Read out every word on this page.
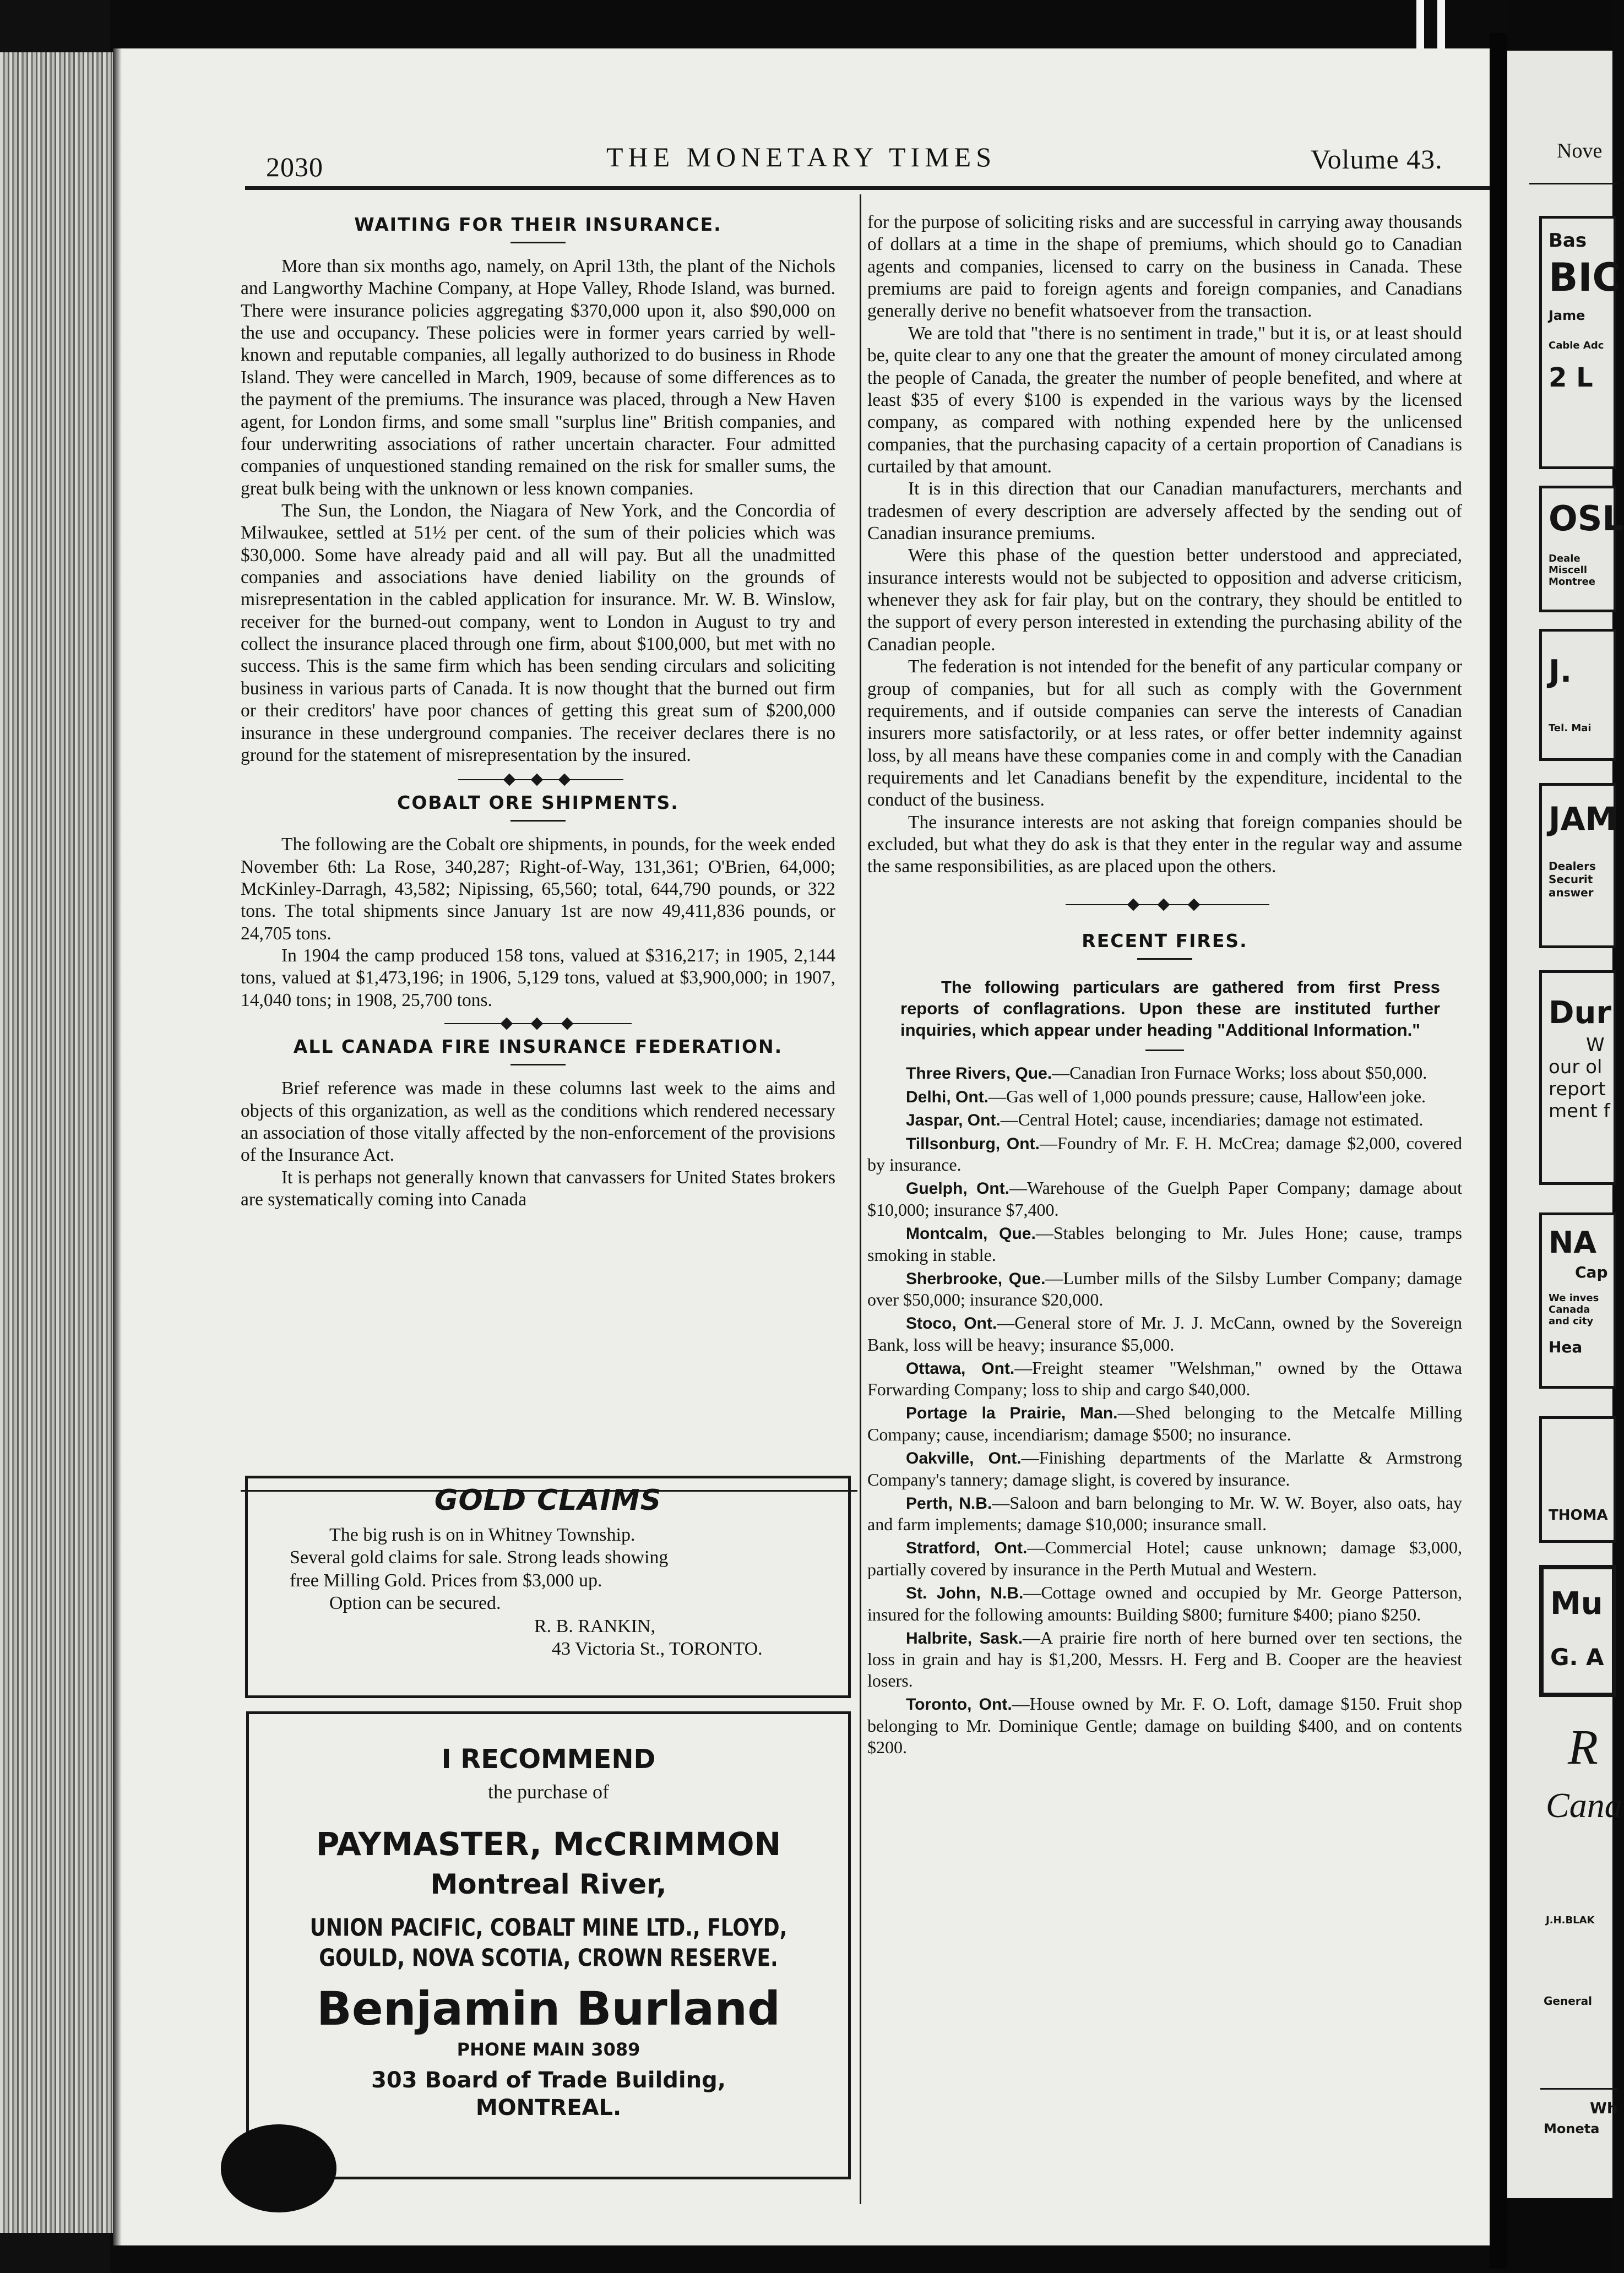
2030	THE MONETARY TIMES	Volume 43.
WAITING FOR THEIR INSURANCE.

More than six months ago, namely, on April 13th, the plant of the Nichols and Langworthy Machine Company, at Hope Valley, Rhode Island, was burned. There were insurance policies aggregating $370,000 upon it, also $90,000 on the use and occupancy. These policies were in former years carried by well-known and reputable companies, all legally authorized to do business in Rhode Island. They were cancelled in March, 1909, because of some differences as to the payment of the premiums. The insurance was placed, through a New Haven agent, for London firms, and some small "surplus line" British companies, and four underwriting associations of rather uncertain character. Four admitted companies of unquestioned standing remained on the risk for smaller sums, the great bulk being with the unknown or less known companies.

The Sun, the London, the Niagara of New York, and the Concordia of Milwaukee, settled at 51½ per cent. of the sum of their policies which was $30,000. Some have already paid and all will pay. But all the unadmitted companies and associations have denied liability on the grounds of misrepresentation in the cabled application for insurance. Mr. W. B. Winslow, receiver for the burned-out company, went to London in August to try and collect the insurance placed through one firm, about $100,000, but met with no success. This is the same firm which has been sending circulars and soliciting business in various parts of Canada. It is now thought that the burned out firm or their creditors' have poor chances of getting this great sum of $200,000 insurance in these underground companies. The receiver declares there is no ground for the statement of misrepresentation by the insured.

COBALT ORE SHIPMENTS.

The following are the Cobalt ore shipments, in pounds, for the week ended November 6th: La Rose, 340,287; Right-of-Way, 131,361; O'Brien, 64,000; McKinley-Darragh, 43,582; Nipissing, 65,560; total, 644,790 pounds, or 322 tons. The total shipments since January 1st are now 49,411,836 pounds, or 24,705 tons.

In 1904 the camp produced 158 tons, valued at $316,217; in 1905, 2,144 tons, valued at $1,473,196; in 1906, 5,129 tons, valued at $3,900,000; in 1907, 14,040 tons; in 1908, 25,700 tons.

ALL CANADA FIRE INSURANCE FEDERATION.

Brief reference was made in these columns last week to the aims and objects of this organization, as well as the conditions which rendered necessary an association of those vitally affected by the non-enforcement of the provisions of the Insurance Act.

It is perhaps not generally known that canvassers for United States brokers are systematically coming into Canada

GOLD CLAIMS
The big rush is on in Whitney Township.
Several gold claims for sale. Strong leads showing
free Milling Gold. Prices from $3,000 up.
Option can be secured.
R. B. RANKIN,
43 Victoria St., TORONTO.
I RECOMMEND
the purchase of
PAYMASTER, McCRIMMON
Montreal River,
UNION PACIFIC, COBALT MINE LTD., FLOYD,
GOULD, NOVA SCOTIA, CROWN RESERVE.
Benjamin Burland
PHONE MAIN 3089
303 Board of Trade Building,
MONTREAL.

for the purpose of soliciting risks and are successful in carrying away thousands of dollars at a time in the shape of premiums, which should go to Canadian agents and companies, licensed to carry on the business in Canada. These premiums are paid to foreign agents and foreign companies, and Canadians generally derive no benefit whatsoever from the transaction.

We are told that "there is no sentiment in trade," but it is, or at least should be, quite clear to any one that the greater the amount of money circulated among the people of Canada, the greater the number of people benefited, and where at least $35 of every $100 is expended in the various ways by the licensed company, as compared with nothing expended here by the unlicensed companies, that the purchasing capacity of a certain proportion of Canadians is curtailed by that amount.

It is in this direction that our Canadian manufacturers, merchants and tradesmen of every description are adversely affected by the sending out of Canadian insurance premiums.

Were this phase of the question better understood and appreciated, insurance interests would not be subjected to opposition and adverse criticism, whenever they ask for fair play, but on the contrary, they should be entitled to the support of every person interested in extending the purchasing ability of the Canadian people.

The federation is not intended for the benefit of any particular company or group of companies, but for all such as comply with the Government requirements, and if outside companies can serve the interests of Canadian insurers more satisfactorily, or at less rates, or offer better indemnity against loss, by all means have these companies come in and comply with the Canadian requirements and let Canadians benefit by the expenditure, incidental to the conduct of the business.

The insurance interests are not asking that foreign companies should be excluded, but what they do ask is that they enter in the regular way and assume the same responsibilities, as are placed upon the others.

RECENT FIRES.

The following particulars are gathered from first Press reports of conflagrations. Upon these are instituted further inquiries, which appear under heading "Additional Information."

Three Rivers, Que.—Canadian Iron Furnace Works; loss about $50,000.

Delhi, Ont.—Gas well of 1,000 pounds pressure; cause, Hallow'een joke.

Jaspar, Ont.—Central Hotel; cause, incendiaries; damage not estimated.

Tillsonburg, Ont.—Foundry of Mr. F. H. McCrea; damage $2,000, covered by insurance.

Guelph, Ont.—Warehouse of the Guelph Paper Company; damage about $10,000; insurance $7,400.

Montcalm, Que.—Stables belonging to Mr. Jules Hone; cause, tramps smoking in stable.

Sherbrooke, Que.—Lumber mills of the Silsby Lumber Company; damage over $50,000; insurance $20,000.

Stoco, Ont.—General store of Mr. J. J. McCann, owned by the Sovereign Bank, loss will be heavy; insurance $5,000.

Ottawa, Ont.—Freight steamer "Welshman," owned by the Ottawa Forwarding Company; loss to ship and cargo $40,000.

Portage la Prairie, Man.—Shed belonging to the Metcalfe Milling Company; cause, incendiarism; damage $500; no insurance.

Oakville, Ont.—Finishing departments of the Marlatte & Armstrong Company's tannery; damage slight, is covered by insurance.

Perth, N.B.—Saloon and barn belonging to Mr. W. W. Boyer, also oats, hay and farm implements; damage $10,000; insurance small.

Stratford, Ont.—Commercial Hotel; cause unknown; damage $3,000, partially covered by insurance in the Perth Mutual and Western.

St. John, N.B.—Cottage owned and occupied by Mr. George Patterson, insured for the following amounts: Building $800; furniture $400; piano $250.

Halbrite, Sask.—A prairie fire north of here burned over ten sections, the loss in grain and hay is $1,200, Messrs. H. Ferg and B. Cooper are the heaviest losers.

Toronto, Ont.—House owned by Mr. F. O. Loft, damage $150. Fruit shop belonging to Mr. Dominique Gentle; damage on building $400, and on contents $200.

Nove
Bas
BIC
Jame
Cable Adc
2 L
OSL
Deale
Miscell
Montree
J.
Tel. Mai
JAM
Dealers
Securit
answer
Dur
W
our ol
report
ment f
NA
Cap
We inves
Canada
and city
Hea
THOMA
Mu
G. A
R
Cana
J.H.BLAK
General
Wh
Moneta
